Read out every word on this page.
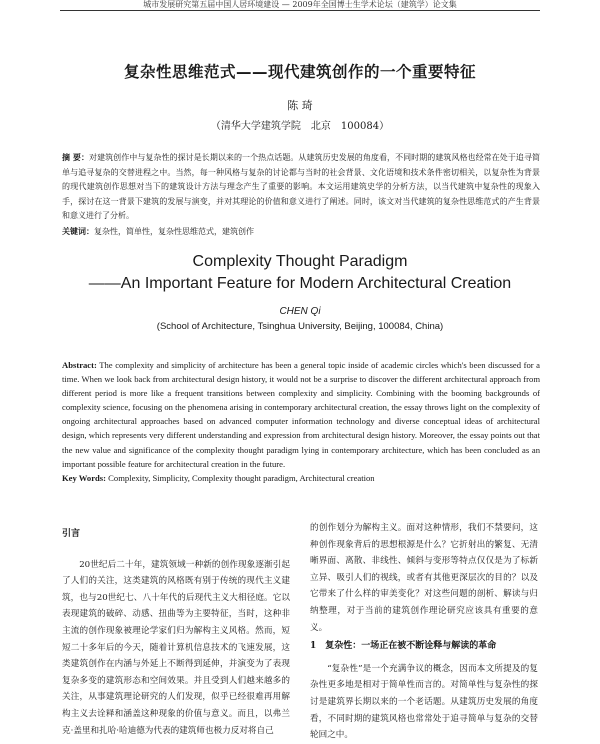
城市发展研究第五届中国人居环境建设 — 2009年全国博士生学术论坛（建筑学）论文集
复杂性思维范式——现代建筑创作的一个重要特征
陈 琦
（清华大学建筑学院　北京　100084）
摘 要：对建筑创作中与复杂性的探讨是长期以来的一个热点话题。从建筑历史发展的角度看，不同时期的建筑风格也经常在处于追寻简单与追寻复杂的交替进程之中。当然，每一种风格与复杂的讨论都与当时的社会背景、文化语境和技术条件密切相关，以复杂性为背景的现代建筑创作思想对当下的建筑设计方法与理念产生了重要的影响。本文运用建筑史学的分析方法，以当代建筑中复杂性的现象入手，探讨在这一背景下建筑的发展与演变，并对其理论的价值和意义进行了阐述。同时，该文对当代建筑的复杂性思维范式的产生背景和意义进行了分析。
关键词：复杂性，简单性，复杂性思维范式，建筑创作
Complexity Thought Paradigm
——An Important Feature for Modern Architectural Creation
CHEN Qi
(School of Architecture, Tsinghua University, Beijing, 100084, China)
Abstract: The complexity and simplicity of architecture has been a general topic inside of academic circles which's been discussed for a time. When we look back from architectural design history, it would not be a surprise to discover the different architectural approach from different period is more like a frequent transitions between complexity and simplicity. Combining with the booming backgrounds of complexity science, focusing on the phenomena arising in contemporary architectural creation, the essay throws light on the complexity of ongoing architectural approaches based on advanced computer information technology and diverse conceptual ideas of architectural design, which represents very different understanding and expression from architectural design history. Moreover, the essay points out that the new value and significance of the complexity thought paradigm lying in contemporary architecture, which has been concluded as an important possible feature for architectural creation in the future.
Key Words: Complexity, Simplicity, Complexity thought paradigm, Architectural creation

引言

20世纪后二十年，建筑领域一种新的创作现象逐渐引起了人们的关注，这类建筑的风格既有别于传统的现代主义建筑，也与20世纪七、八十年代的后现代主义大相径庭。它以表现建筑的破碎、动感、扭曲等为主要特征，当时，这种非主流的创作现象被理论学家们归为解构主义风格。然而，短短二十多年后的今天，随着计算机信息技术的飞速发展，这类建筑创作在内涵与外延上不断得到延伸，并演变为了表现复杂多变的建筑形态和空间效果。并且受到人们越来越多的关注，从事建筑理论研究的人们发现，似乎已经很难再用解构主义去诠释和涵盖这种现象的价值与意义。而且，以弗兰克·盖里和扎哈·哈迪德为代表的建筑师也极力反对将自己

的创作划分为解构主义。面对这种情形，我们不禁要问，这种创作现象背后的思想根源是什么？它折射出的繁复、无清晰界面、离散、非线性、倾斜与变形等特点仅仅是为了标新立异、吸引人们的视线，或者有其他更深层次的目的？以及它带来了什么样的审美变化？对这些问题的剖析、解读与归纳整理，对于当前的建筑创作理论研究应该具有重要的意义。

1　复杂性：一场正在被不断诠释与解读的革命

“复杂性”是一个充满争议的概念，因而本文所提及的复杂性更多地是相对于简单性而言的。对简单性与复杂性的探讨是建筑界长期以来的一个老话题。从建筑历史发展的角度看，不同时期的建筑风格也常常处于追寻简单与复杂的交替轮回之中。
